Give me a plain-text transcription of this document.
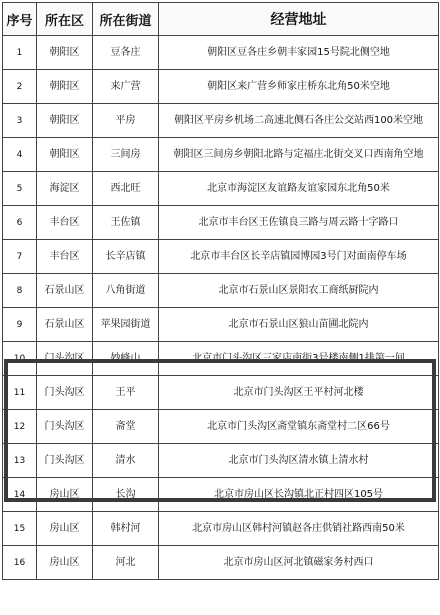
序号	所在区	所在街道	经营地址
1	朝阳区	豆各庄	朝阳区豆各庄乡朝丰家园15号院北侧空地
2	朝阳区	来广营	朝阳区来广营乡师家庄桥东北角50米空地
3	朝阳区	平房	朝阳区平房乡机场二高速北侧石各庄公交站西100米空地
4	朝阳区	三间房	朝阳区三间房乡朝阳北路与定福庄北街交叉口西南角空地
5	海淀区	西北旺	北京市海淀区友谊路友谊家园东北角50米
6	丰台区	王佐镇	北京市丰台区王佐镇良三路与周云路十字路口
7	丰台区	长辛店镇	北京市丰台区长辛店镇园博园3号门对面南停车场
8	石景山区	八角街道	北京市石景山区景阳农工商纸厨院内
9	石景山区	苹果园街道	北京市石景山区狼山苗圃北院内
10	门头沟区	妙峰山	北京市门头沟区三家店南街3号楼南侧1排第一间
11	门头沟区	王平	北京市门头沟区王平村河北楼
12	门头沟区	斋堂	北京市门头沟区斋堂镇东斋堂村二区66号
13	门头沟区	清水	北京市门头沟区清水镇上清水村
14	房山区	长沟	北京市房山区长沟镇北正村四区105号
15	房山区	韩村河	北京市房山区韩村河镇赵各庄供销社路西南50米
16	房山区	河北	北京市房山区河北镇磁家务村西口
